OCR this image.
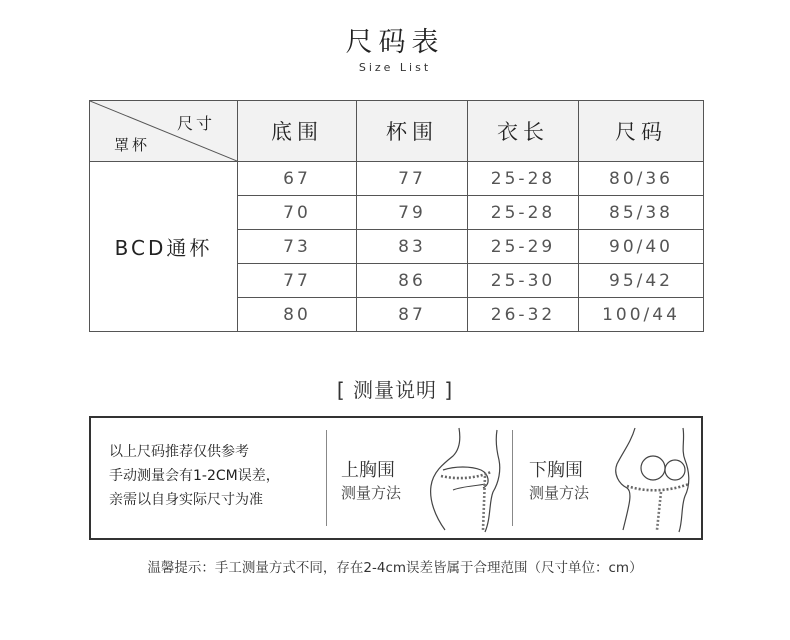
尺码表
Size List
尺寸
罩杯	底围	杯围	衣长	尺码
BCD通杯	67	77	25-28	80/36
	70	79	25-28	85/38
	73	83	25-29	90/40
	77	86	25-30	95/42
	80	87	26-32	100/44
[ 测量说明 ]
以上尺码推荐仅供参考
手动测量会有1-2CM误差，
亲需以自身实际尺寸为准
上胸围
测量方法
下胸围
测量方法
温馨提示：手工测量方式不同，存在2-4cm误差皆属于合理范围（尺寸单位：cm）
